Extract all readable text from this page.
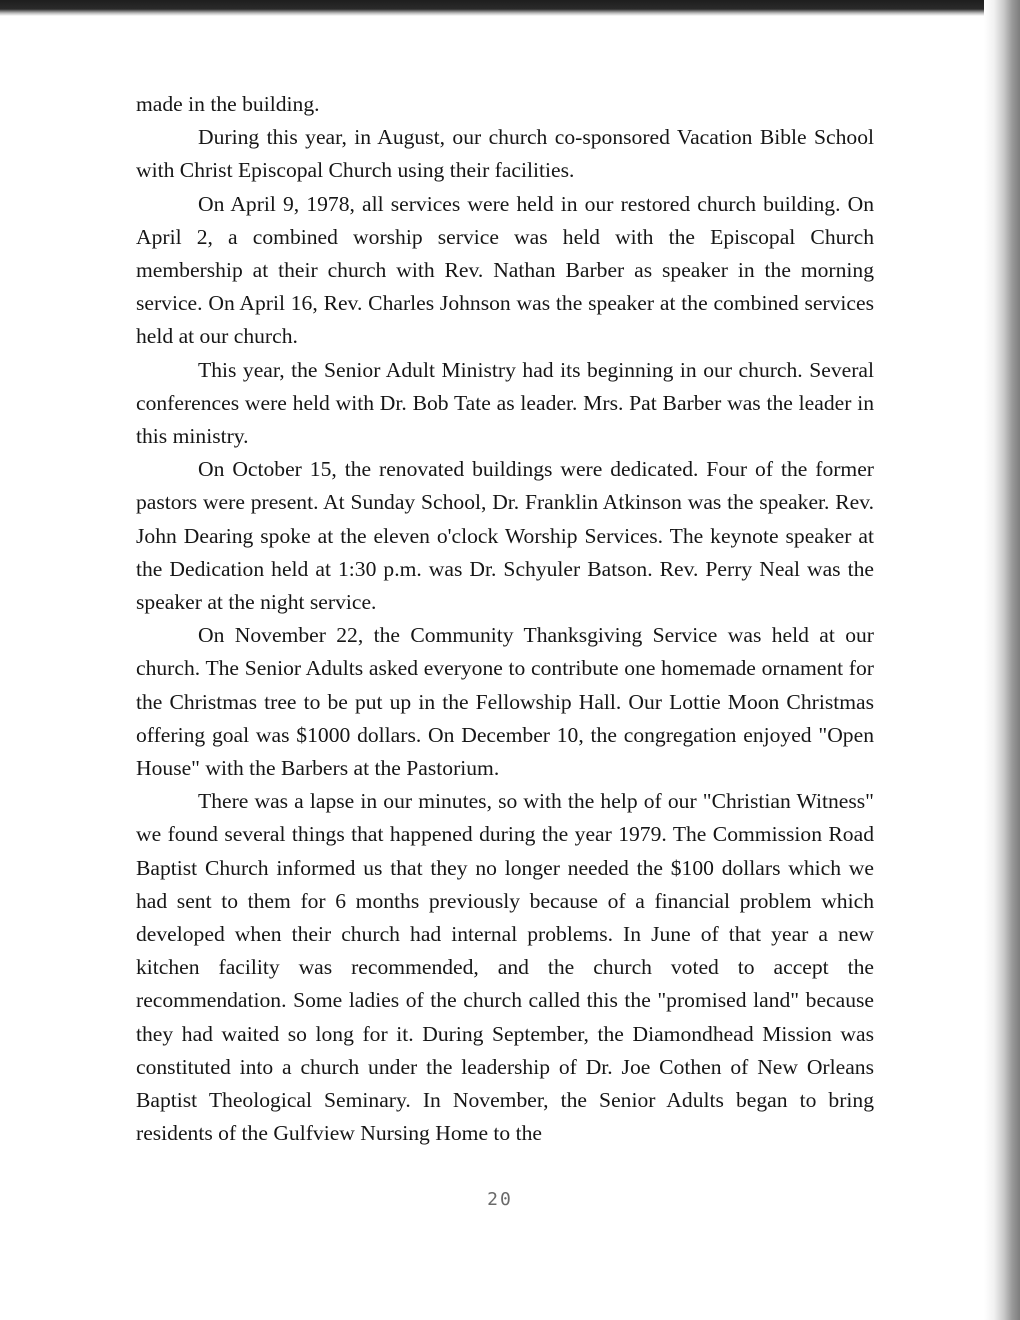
made in the building.

During this year, in August, our church co-sponsored Vacation Bible School with Christ Episcopal Church using their facilities.

On April 9, 1978, all services were held in our restored church building. On April 2, a combined worship service was held with the Episcopal Church membership at their church with Rev. Nathan Barber as speaker in the morning service. On April 16, Rev. Charles Johnson was the speaker at the combined services held at our church.

This year, the Senior Adult Ministry had its beginning in our church. Several conferences were held with Dr. Bob Tate as leader. Mrs. Pat Barber was the leader in this ministry.

On October 15, the renovated buildings were dedicated. Four of the former pastors were present. At Sunday School, Dr. Franklin Atkinson was the speaker. Rev. John Dearing spoke at the eleven o'clock Worship Services. The keynote speaker at the Dedication held at 1:30 p.m. was Dr. Schyuler Batson. Rev. Perry Neal was the speaker at the night service.

On November 22, the Community Thanksgiving Service was held at our church. The Senior Adults asked everyone to contribute one homemade ornament for the Christmas tree to be put up in the Fellowship Hall. Our Lottie Moon Christmas offering goal was $1000 dollars. On December 10, the congregation enjoyed "Open House" with the Barbers at the Pastorium.

There was a lapse in our minutes, so with the help of our "Christian Witness" we found several things that happened during the year 1979. The Commission Road Baptist Church informed us that they no longer needed the $100 dollars which we had sent to them for 6 months previously because of a financial problem which developed when their church had internal problems. In June of that year a new kitchen facility was recommended, and the church voted to accept the recommendation. Some ladies of the church called this the "promised land" because they had waited so long for it. During September, the Diamondhead Mission was constituted into a church under the leadership of Dr. Joe Cothen of New Orleans Baptist Theological Seminary. In November, the Senior Adults began to bring residents of the Gulfview Nursing Home to the

20
